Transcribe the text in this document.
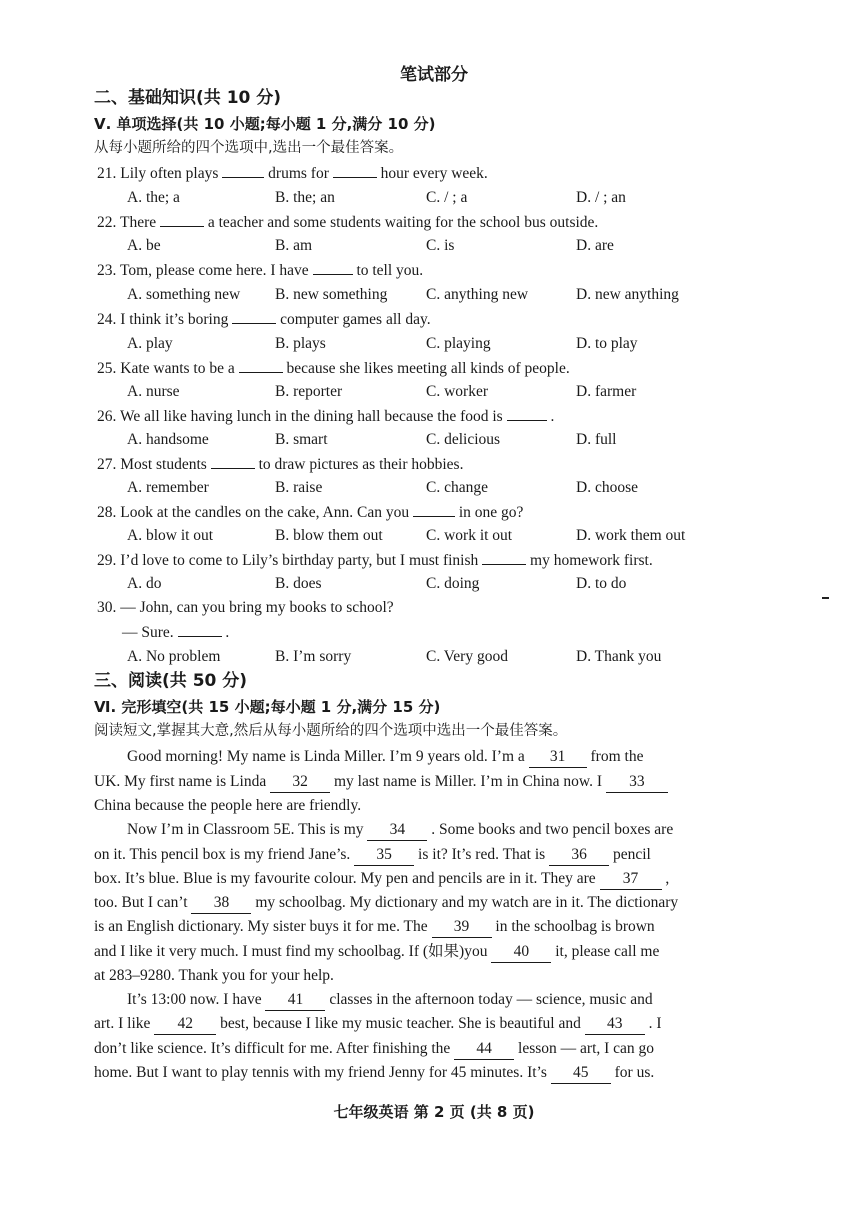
笔试部分
二、基础知识(共 10 分)
Ⅴ. 单项选择(共 10 小题;每小题 1 分,满分 10 分)
从每小题所给的四个选项中,选出一个最佳答案。
21. Lily often plays	drums for	hour every week.
A. the; a	B. the; an	C. / ; a	D. / ; an
22. There	a teacher and some students waiting for the school bus outside.
A. be	B. am	C. is	D. are
23. Tom, please come here. I have	to tell you.
A. something new B. new something C. anything new	D. new anything
24. I think it’s boring	computer games all day.
A. play	B. plays	C. playing	D. to play
25. Kate wants to be a	because she likes meeting all kinds of people.
A. nurse	B. reporter	C. worker	D. farmer
26. We all like having lunch in the dining hall because the food is	.
A. handsome	B. smart	C. delicious	D. full
27. Most students	to draw pictures as their hobbies.
A. remember	B. raise	C. change	D. choose
28. Look at the candles on the cake, Ann. Can you	in one go?
A. blow it out	B. blow them out	C. work it out	D. work them out
29. I’d love to come to Lily’s birthday party, but I must finish	my homework first.
A. do	B. does	C. doing	D. to do
30. — John, can you bring my books to school?
— Sure.	.
A. No problem	B. I’m sorry	C. Very good	D. Thank you
三、阅读(共 50 分)
Ⅵ. 完形填空(共 15 小题;每小题 1 分,满分 15 分)
阅读短文,掌握其大意,然后从每小题所给的四个选项中选出一个最佳答案。
Good morning! My name is Linda Miller. I’m 9 years old. I’m a 31 from the
UK. My first name is Linda 32 my last name is Miller. I’m in China now. I 33
China because the people here are friendly.
Now I’m in Classroom 5E. This is my 34 . Some books and two pencil boxes are
on it. This pencil box is my friend Jane’s. 35 is it? It’s red. That is 36 pencil
box. It’s blue. Blue is my favourite colour. My pen and pencils are in it. They are 37 ,
too. But I can’t 38 my schoolbag. My dictionary and my watch are in it. The dictionary
is an English dictionary. My sister buys it for me. The 39 in the schoolbag is brown
and I like it very much. I must find my schoolbag. If (如果)you 40 it, please call me
at 283–9280. Thank you for your help.
It’s 13:00 now. I have 41 classes in the afternoon today — science, music and
art. I like 42 best, because I like my music teacher. She is beautiful and 43 . I
don’t like science. It’s difficult for me. After finishing the 44 lesson — art, I can go
home. But I want to play tennis with my friend Jenny for 45 minutes. It’s 45 for us.
七年级英语 第 2 页 (共 8 页)
